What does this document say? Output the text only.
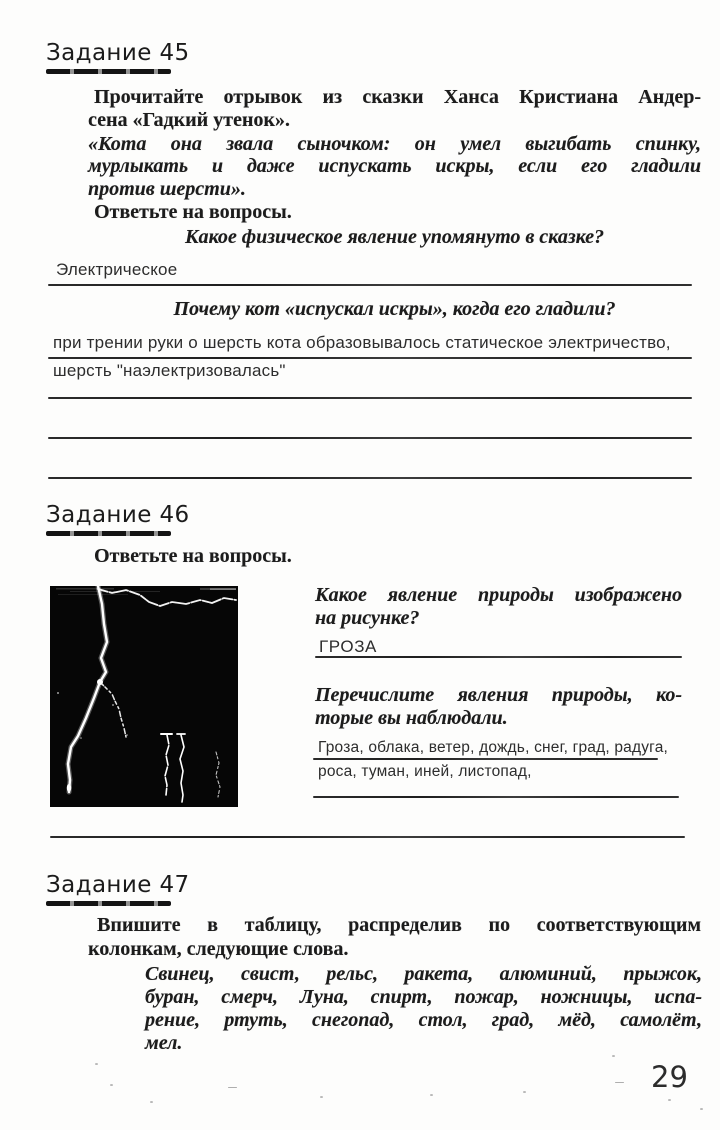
Задание 45
Прочитайте отрывок из сказки Ханса Кристиана Андер-
сена «Гадкий утенок».
«Кота она звала сыночком: он умел выгибать спинку,
мурлыкать и даже испускать искры, если его гладили
против шерсти».
Ответьте на вопросы.
Какое физическое явление упомянуто в сказке?
Электрическое
Почему кот «испускал искры», когда его гладили?
при трении руки о шерсть кота образовывалось статическое электричество,
шерсть "наэлектризовалась"
Задание 46
Ответьте на вопросы.
Какое явление природы изображено
на рисунке?
ГРОЗА
Перечислите явления природы, ко-
торые вы наблюдали.
Гроза, облака, ветер, дождь, снег, град, радуга,
роса, туман, иней, листопад,
Задание 47
Впишите в таблицу, распределив по соответствующим
колонкам, следующие слова.
Свинец, свист, рельс, ракета, алюминий, прыжок,
буран, смерч, Луна, спирт, пожар, ножницы, испа-
рение, ртуть, снегопад, стол, град, мёд, самолёт,
мел.
29
